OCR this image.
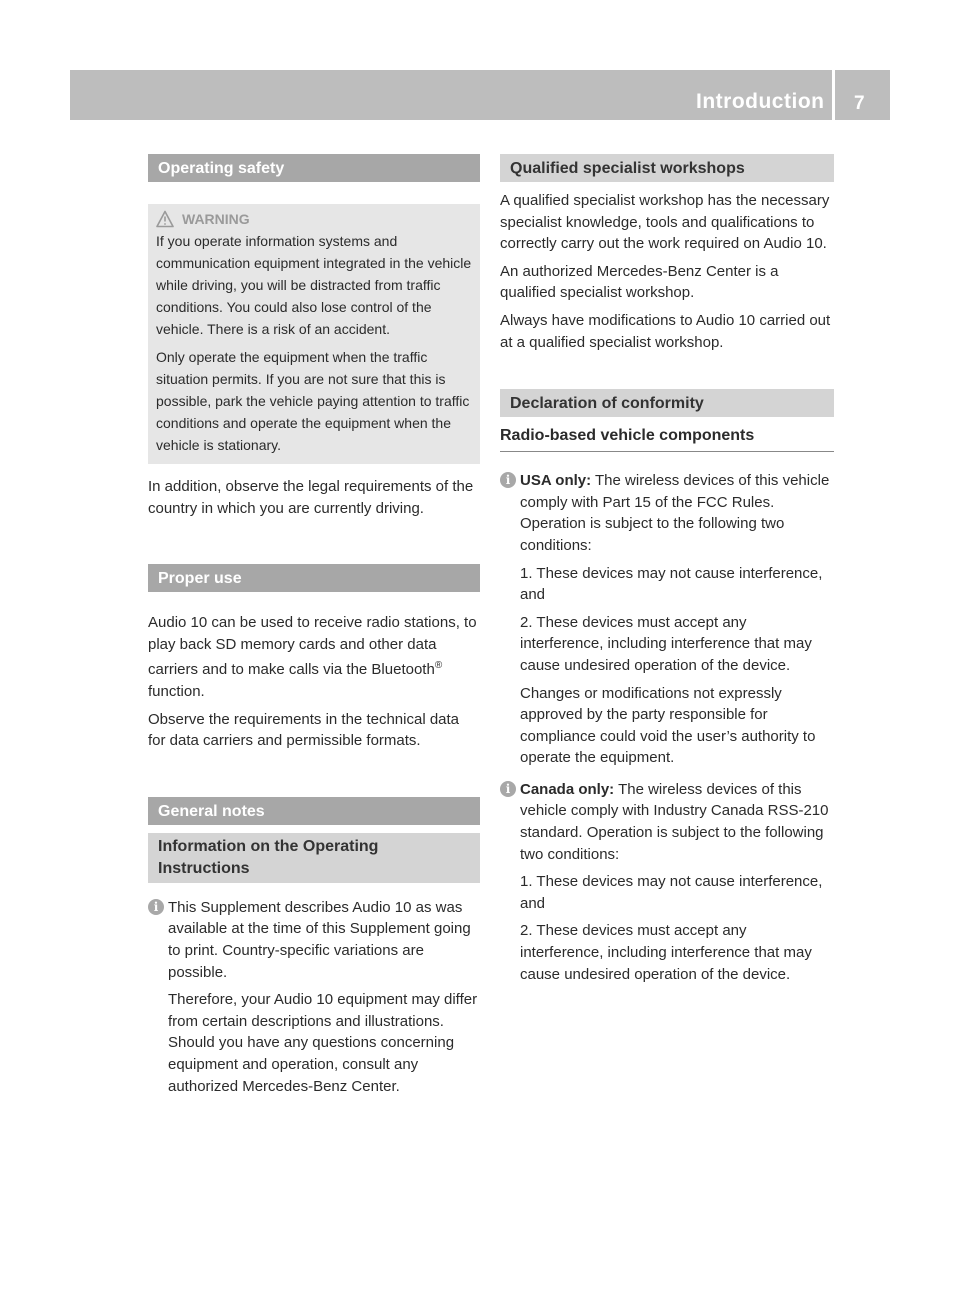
Introduction 7
Operating safety
WARNING

If you operate information systems and communication equipment integrated in the vehicle while driving, you will be distracted from traffic conditions. You could also lose control of the vehicle. There is a risk of an accident.

Only operate the equipment when the traffic situation permits. If you are not sure that this is possible, park the vehicle paying attention to traffic conditions and operate the equipment when the vehicle is stationary.

In addition, observe the legal requirements of the country in which you are currently driving.

Proper use

Audio 10 can be used to receive radio stations, to play back SD memory cards and other data carriers and to make calls via the Bluetooth® function.

Observe the requirements in the technical data for data carriers and permissible formats.

General notes
Information on the Operating Instructions
i This Supplement describes Audio 10 as was available at the time of this Supplement going to print. Country-specific variations are possible.

Therefore, your Audio 10 equipment may differ from certain descriptions and illustrations. Should you have any questions concerning equipment and operation, consult any authorized Mercedes-Benz Center.

Qualified specialist workshops

A qualified specialist workshop has the necessary specialist knowledge, tools and qualifications to correctly carry out the work required on Audio 10.

An authorized Mercedes-Benz Center is a qualified specialist workshop.

Always have modifications to Audio 10 carried out at a qualified specialist workshop.

Declaration of conformity
Radio-based vehicle components
i USA only: The wireless devices of this vehicle comply with Part 15 of the FCC Rules. Operation is subject to the following two conditions:

1. These devices may not cause interference, and

2. These devices must accept any interference, including interference that may cause undesired operation of the device.

Changes or modifications not expressly approved by the party responsible for compliance could void the user’s authority to operate the equipment.

i Canada only: The wireless devices of this vehicle comply with Industry Canada RSS-210 standard. Operation is subject to the following two conditions:

1. These devices may not cause interference, and

2. These devices must accept any interference, including interference that may cause undesired operation of the device.
